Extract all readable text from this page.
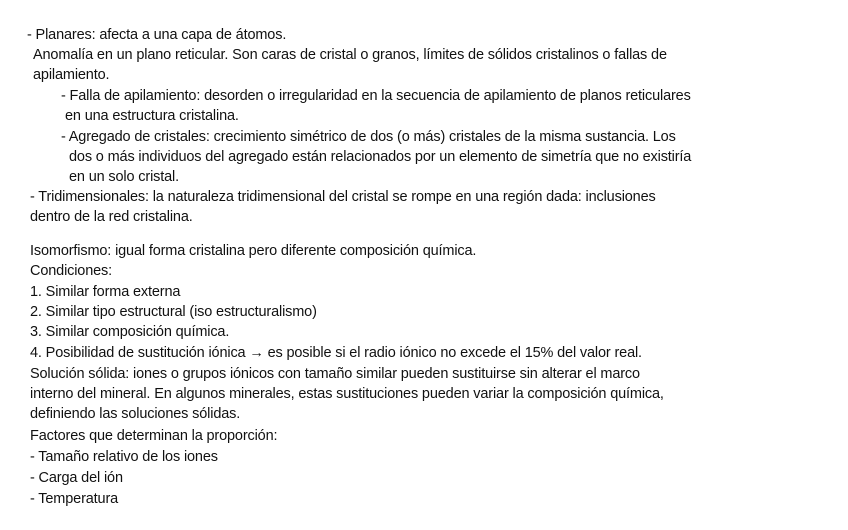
- Planares: afecta a una capa de átomos.
Anomalía en un plano reticular. Son caras de cristal o granos, límites de sólidos cristalinos o fallas de
apilamiento.
- Falla de apilamiento: desorden o irregularidad en la secuencia de apilamiento de planos reticulares
en una estructura cristalina.
- Agregado de cristales: crecimiento simétrico de dos (o más) cristales de la misma sustancia. Los
dos o más individuos del agregado están relacionados por un elemento de simetría que no existiría
en un solo cristal.
- Tridimensionales: la naturaleza tridimensional del cristal se rompe en una región dada: inclusiones
dentro de la red cristalina.
Isomorfismo: igual forma cristalina pero diferente composición química.
Condiciones:
1. Similar forma externa
2. Similar tipo estructural (iso estructuralismo)
3. Similar composición química.
4. Posibilidad de sustitución iónica → es posible si el radio iónico no excede el 15% del valor real.
Solución sólida: iones o grupos iónicos con tamaño similar pueden sustituirse sin alterar el marco
interno del mineral. En algunos minerales, estas sustituciones pueden variar la composición química,
definiendo las soluciones sólidas.
Factores que determinan la proporción:
- Tamaño relativo de los iones
- Carga del ión
- Temperatura
